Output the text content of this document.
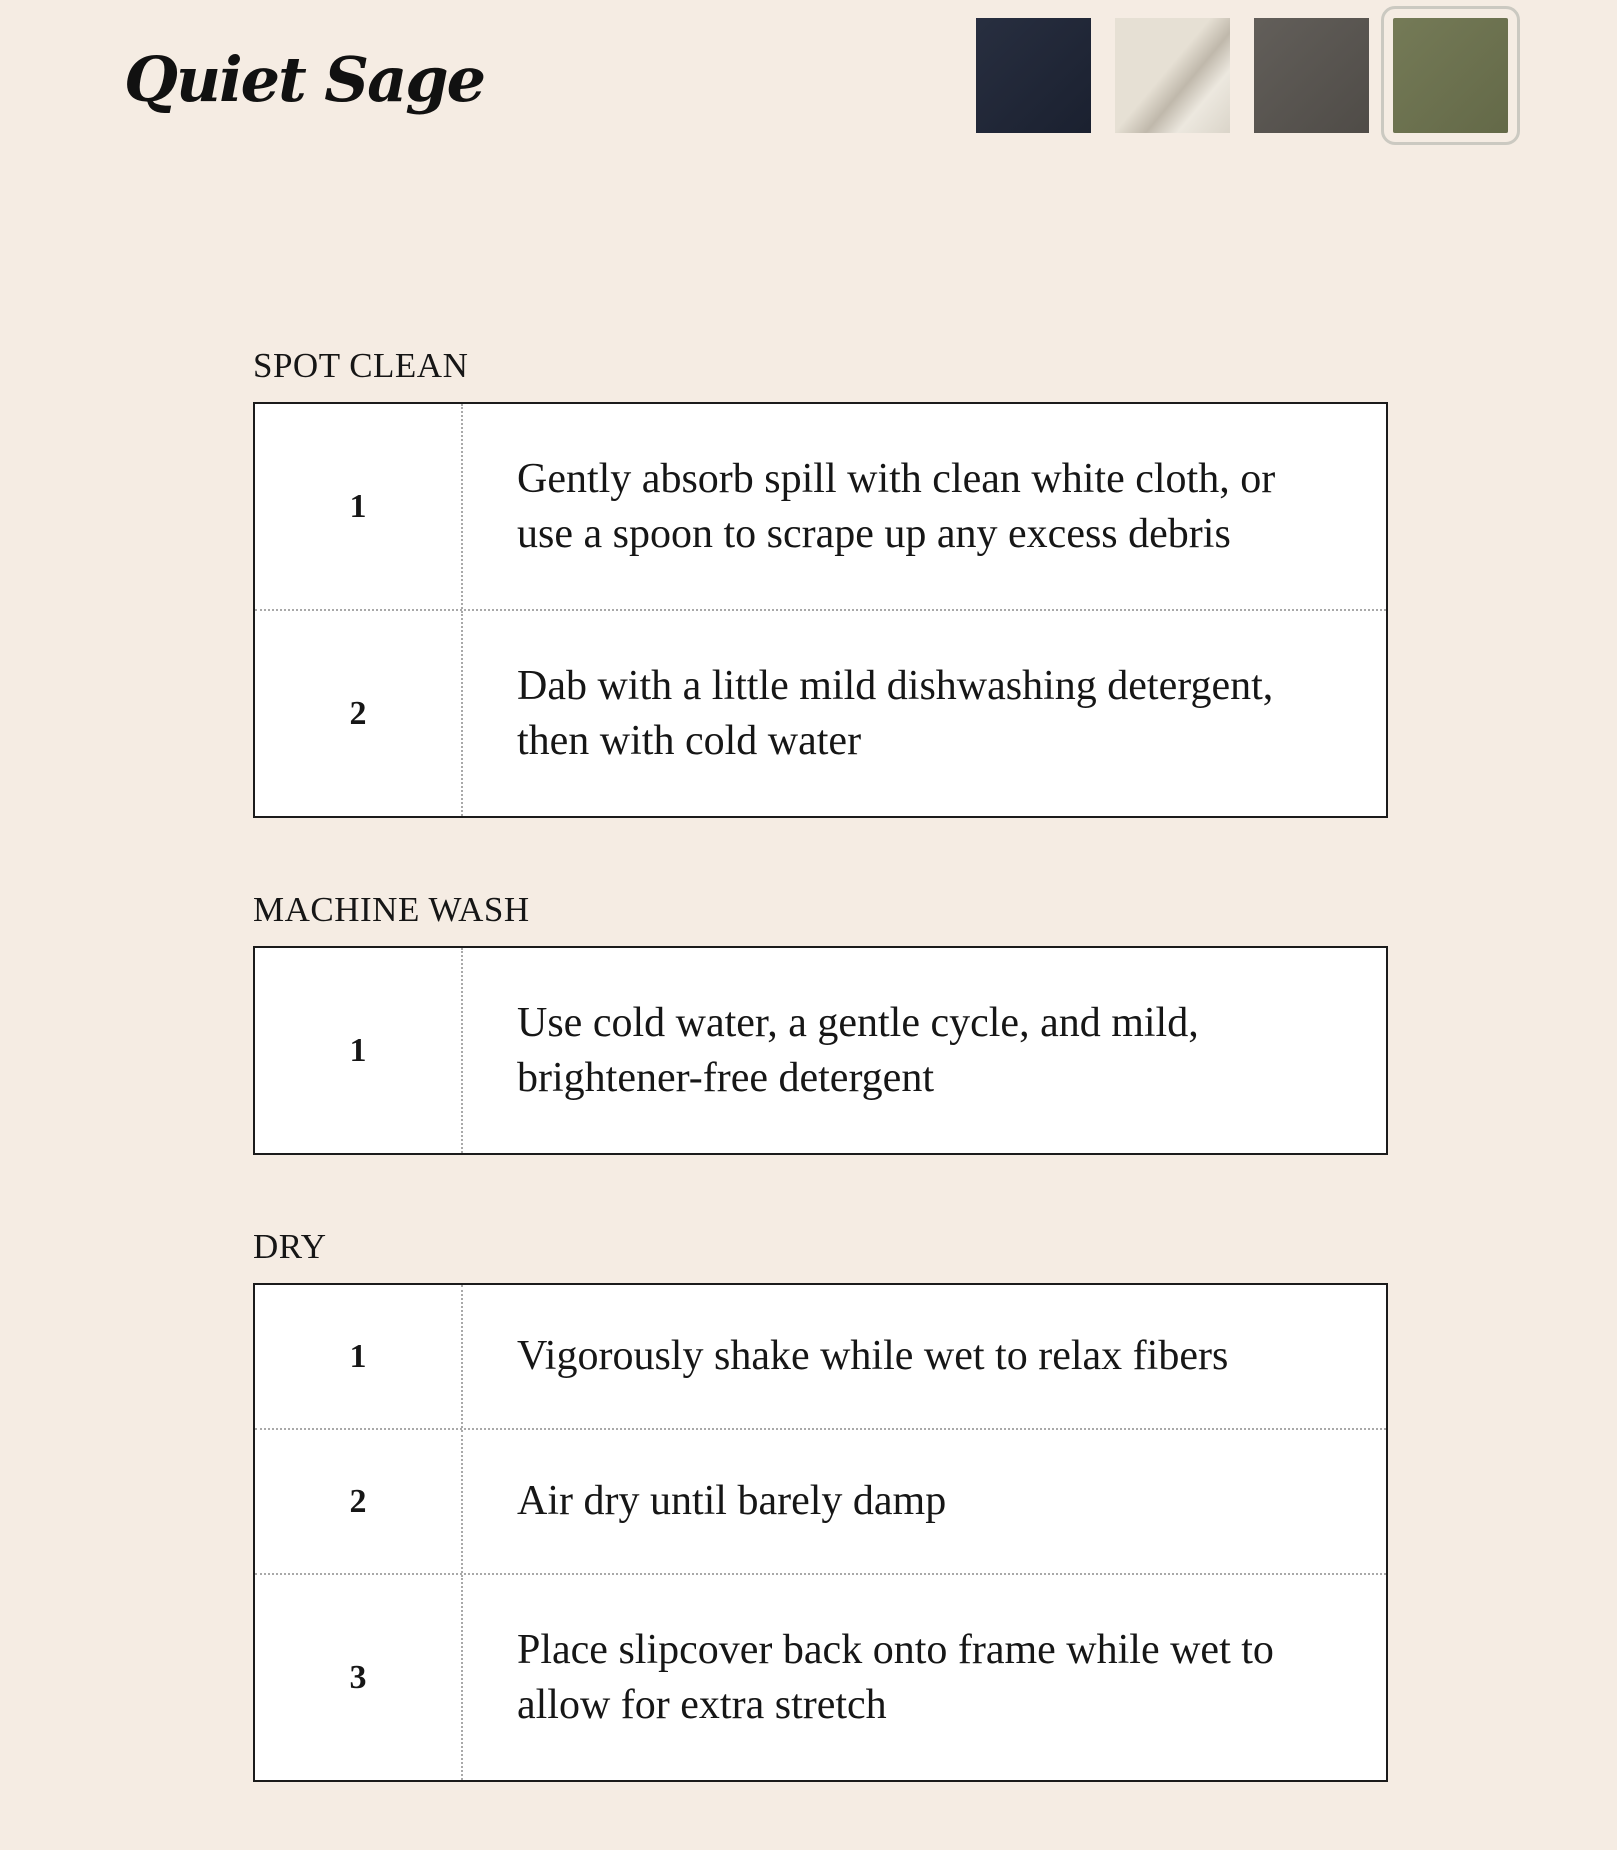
Quiet Sage
SPOT CLEAN
1
Gently absorb spill with clean white cloth, or use a spoon to scrape up any excess debris
2
Dab with a little mild dishwashing detergent, then with cold water
MACHINE WASH
1
Use cold water, a gentle cycle, and mild, brightener-free detergent
DRY
1	Vigorously shake while wet to relax fibers
2	Air dry until barely damp
3
Place slipcover back onto frame while wet to allow for extra stretch
